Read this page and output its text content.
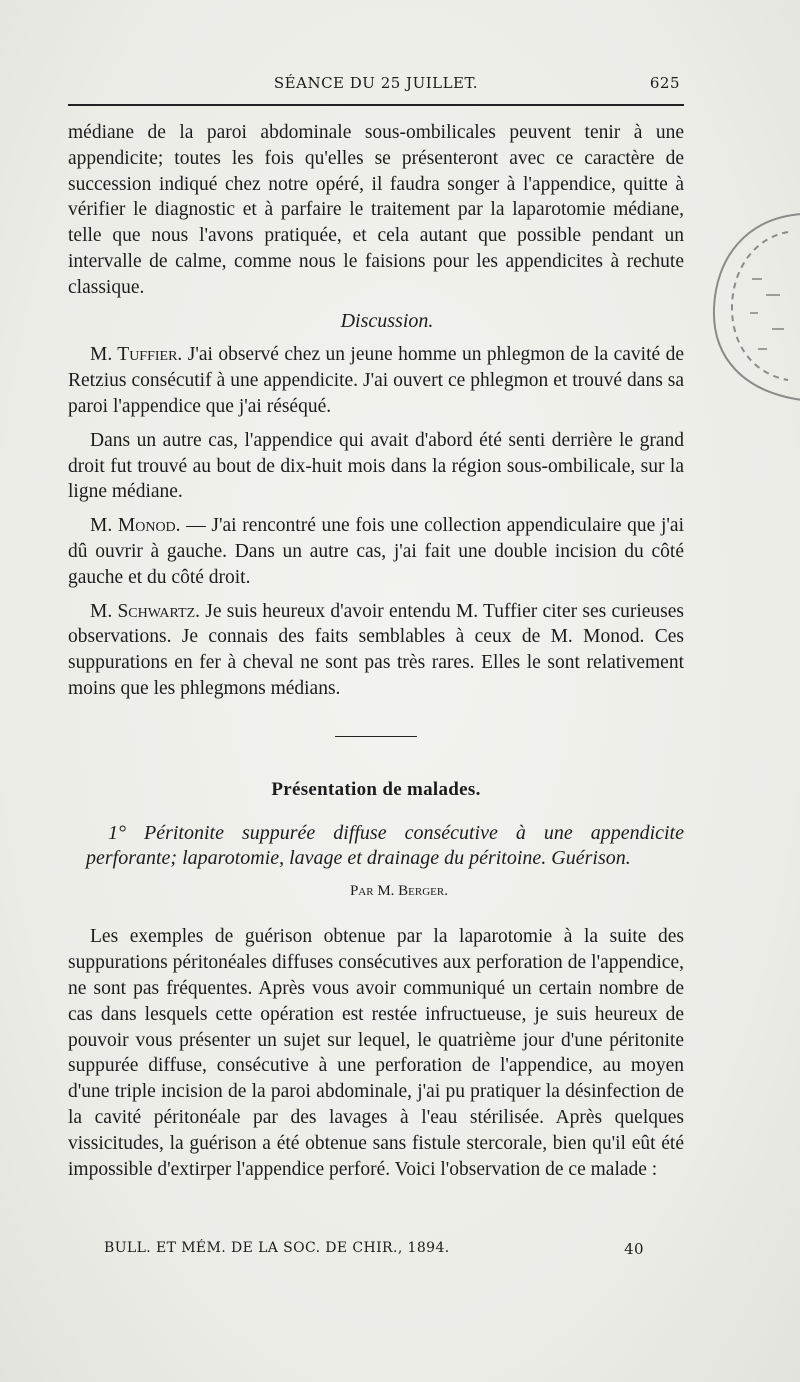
SÉANCE DU 25 JUILLET.	625

médiane de la paroi abdominale sous-ombilicales peuvent tenir à une appendicite; toutes les fois qu'elles se présenteront avec ce caractère de succession indiqué chez notre opéré, il faudra songer à l'appendice, quitte à vérifier le diagnostic et à parfaire le traitement par la laparotomie médiane, telle que nous l'avons pratiquée, et cela autant que possible pendant un intervalle de calme, comme nous le faisions pour les appendicites à rechute classique.

Discussion.

M. Tuffier. J'ai observé chez un jeune homme un phlegmon de la cavité de Retzius consécutif à une appendicite. J'ai ouvert ce phlegmon et trouvé dans sa paroi l'appendice que j'ai réséqué.

Dans un autre cas, l'appendice qui avait d'abord été senti derrière le grand droit fut trouvé au bout de dix-huit mois dans la région sous-ombilicale, sur la ligne médiane.

M. Monod. — J'ai rencontré une fois une collection appendiculaire que j'ai dû ouvrir à gauche. Dans un autre cas, j'ai fait une double incision du côté gauche et du côté droit.

M. Schwartz. Je suis heureux d'avoir entendu M. Tuffier citer ses curieuses observations. Je connais des faits semblables à ceux de M. Monod. Ces suppurations en fer à cheval ne sont pas très rares. Elles le sont relativement moins que les phlegmons médians.

Présentation de malades.

1° Péritonite suppurée diffuse consécutive à une appendicite perforante; laparotomie, lavage et drainage du péritoine. Guérison.

Par M. Berger.

Les exemples de guérison obtenue par la laparotomie à la suite des suppurations péritonéales diffuses consécutives aux perforation de l'appendice, ne sont pas fréquentes. Après vous avoir communiqué un certain nombre de cas dans lesquels cette opération est restée infructueuse, je suis heureux de pouvoir vous présenter un sujet sur lequel, le quatrième jour d'une péritonite suppurée diffuse, consécutive à une perforation de l'appendice, au moyen d'une triple incision de la paroi abdominale, j'ai pu pratiquer la désinfection de la cavité péritonéale par des lavages à l'eau stérilisée. Après quelques vissicitudes, la guérison a été obtenue sans fistule stercorale, bien qu'il eût été impossible d'extirper l'appendice perforé. Voici l'observation de ce malade :

BULL. ET MÉM. DE LA SOC. DE CHIR., 1894.	40
